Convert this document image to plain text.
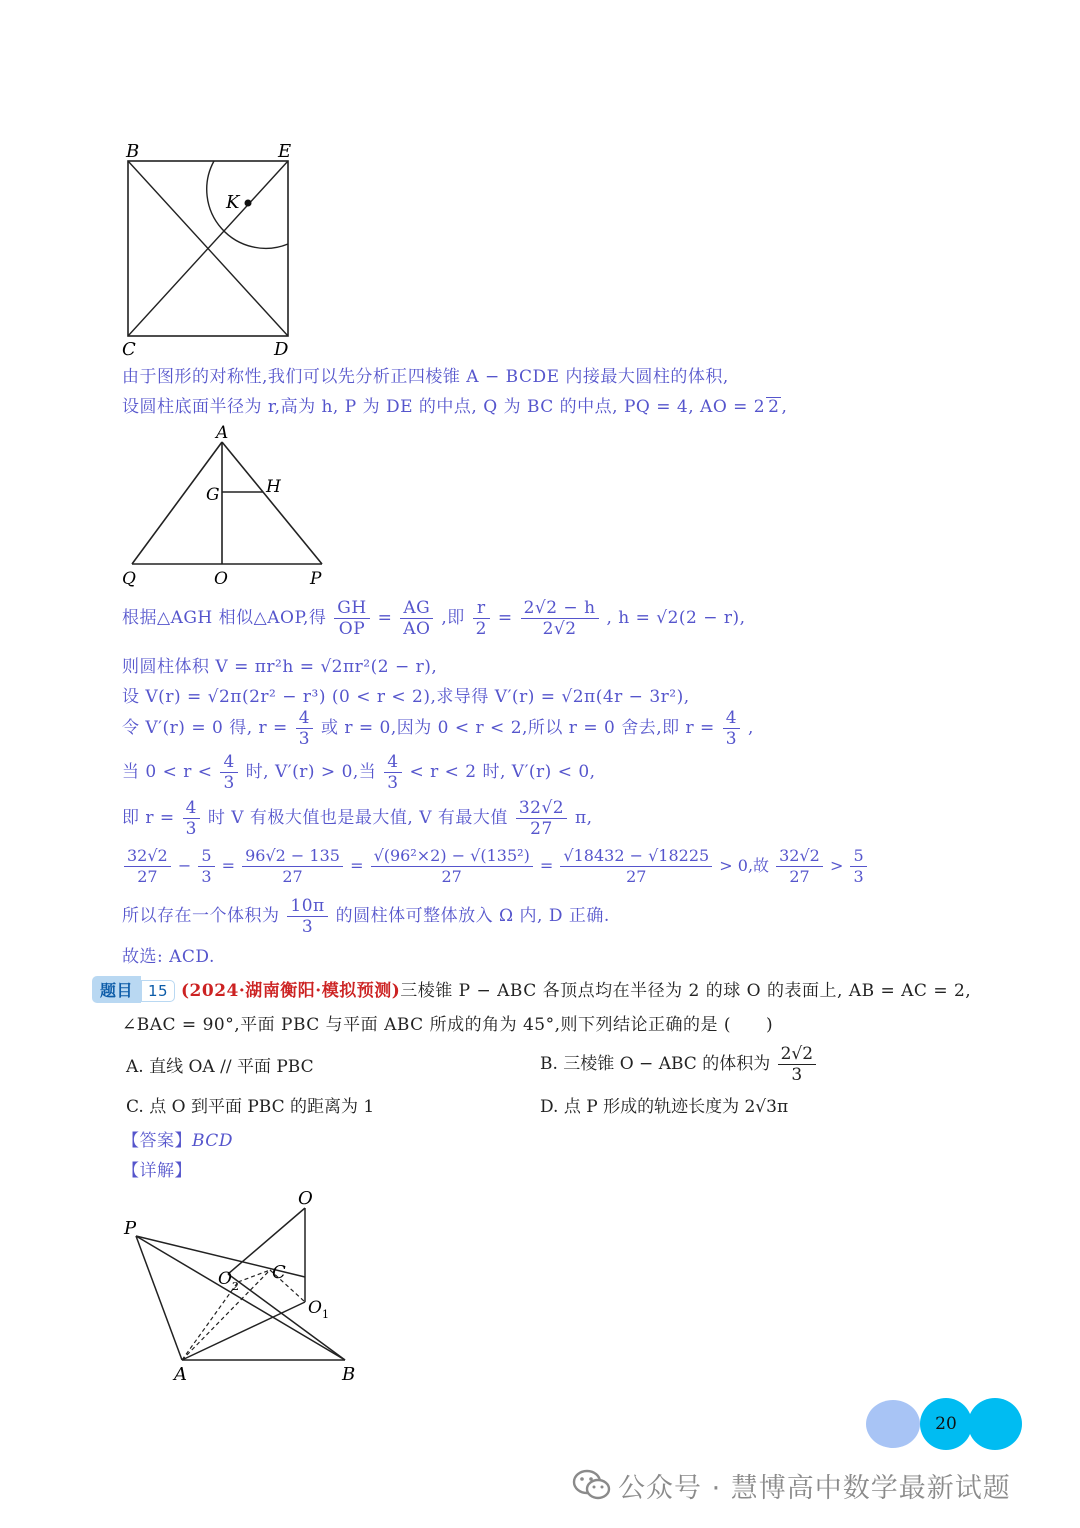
B	E
K
C	D
由于图形的对称性,我们可以先分析正四棱锥 A − BCDE 内接最大圆柱的体积,
设圆柱底面半径为 r,高为 h, P 为 DE 的中点, Q 为 BC 的中点, PQ = 4, AO = 2 2 ,
A
G	H
Q	O	P
根据△AGH 相似△AOP,得 $\frac{GH}{OP} = \frac{AG}{AO}$ ,即 $\frac{r}{2} = \frac{2√2 - h}{2√2}$ , h = √2(2 − r),
则圆柱体积 V = πr²h = √2πr²(2 − r),
设 V(r) = √2π(2r² − r³) (0 < r < 2),求导得 V′(r) = √2π(4r − 3r²),
令 V′(r) = 0 得, $r = \frac{4}{3}$ 或 r = 0,因为 0 < r < 2,所以 r = 0 舍去,即 $r = \frac{4}{3}$ ,
当 $0 < r < \frac{4}{3}$ 时, V′(r) > 0,当 $\frac{4}{3} < r < 2$ 时, V′(r) < 0,
即 $r = \frac{4}{3}$ 时 V 有极大值也是最大值, V 有最大值 $\frac{32√2}{27} \pi$,
$\frac{32√2}{27} - \frac{5}{3} = \frac{96√2 - 135}{27} = \frac{\text{√(96²×2) − √(135²)}}{27} = \frac{√18432 - √18225}{27} > 0$,故 $\frac{32√2}{27} > \frac{5}{3}$
所以存在一个体积为 $\frac{10\pi}{3}$ 的圆柱体可整体放入 Ω 内, D 正确.
故选: ACD.
题目 15 (2024·湖南衡阳·模拟预测)三棱锥 P − ABC 各顶点均在半径为 2 的球 O 的表面上, AB = AC = 2,
∠BAC = 90°,平面 PBC 与平面 ABC 所成的角为 45°,则下列结论正确的是 (　　)
A. 直线 OA // 平面 PBC	B. 三棱锥 O − ABC 的体积为 $\frac{2√2}{3}$
C. 点 O 到平面 PBC 的距离为 1	D. 点 P 形成的轨迹长度为 2√3π
【答案】BCD
【详解】
O
P
O 2
C
O 1
A	B
20
公众号 · 慧博高中数学最新试题
